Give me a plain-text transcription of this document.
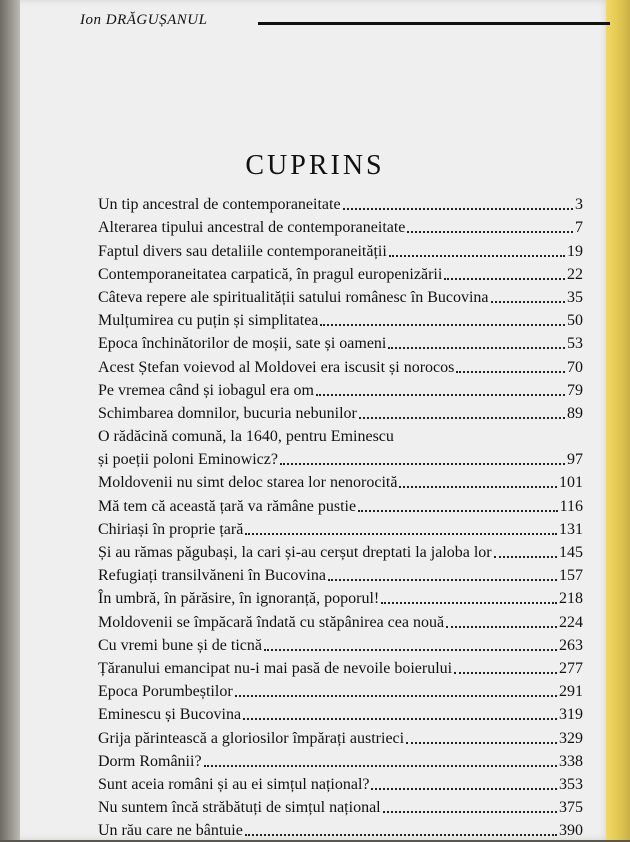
Ion DRĂGUȘANUL
CUPRINS
Un tip ancestral de contemporaneitate	3
Alterarea tipului ancestral de contemporaneitate	7
Faptul divers sau detaliile contemporaneității	19
Contemporaneitatea carpatică, în pragul europenizării	22
Câteva repere ale spiritualității satului românesc în Bucovina	35
Mulțumirea cu puțin și simplitatea	50
Epoca închinătorilor de moșii, sate și oameni	53
Acest Ștefan voievod al Moldovei era iscusit și norocos	70
Pe vremea când și iobagul era om	79
Schimbarea domnilor, bucuria nebunilor	89
O rădăcină comună, la 1640, pentru Eminescu
și poeții poloni Eminowicz?	97
Moldovenii nu simt deloc starea lor nenorocită	101
Mă tem că această țară va rămâne pustie	116
Chiriași în proprie țară	131
Și au rămas păgubași, la cari și-au cerșut dreptati la jaloba lor	145
Refugiați transilvăneni în Bucovina	157
În umbră, în părăsire, în ignoranță, poporul!	218
Moldovenii se împăcară îndată cu stăpânirea cea nouă	224
Cu vremi bune și de ticnă	263
Țăranului emancipat nu-i mai pasă de nevoile boierului	277
Epoca Porumbeștilor	291
Eminescu și Bucovina	319
Grija părintească a gloriosilor împărați austrieci	329
Dorm Românii?	338
Sunt aceia români și au ei simțul național?	353
Nu suntem încă străbătuți de simțul național	375
Un rău care ne bântuie	390
